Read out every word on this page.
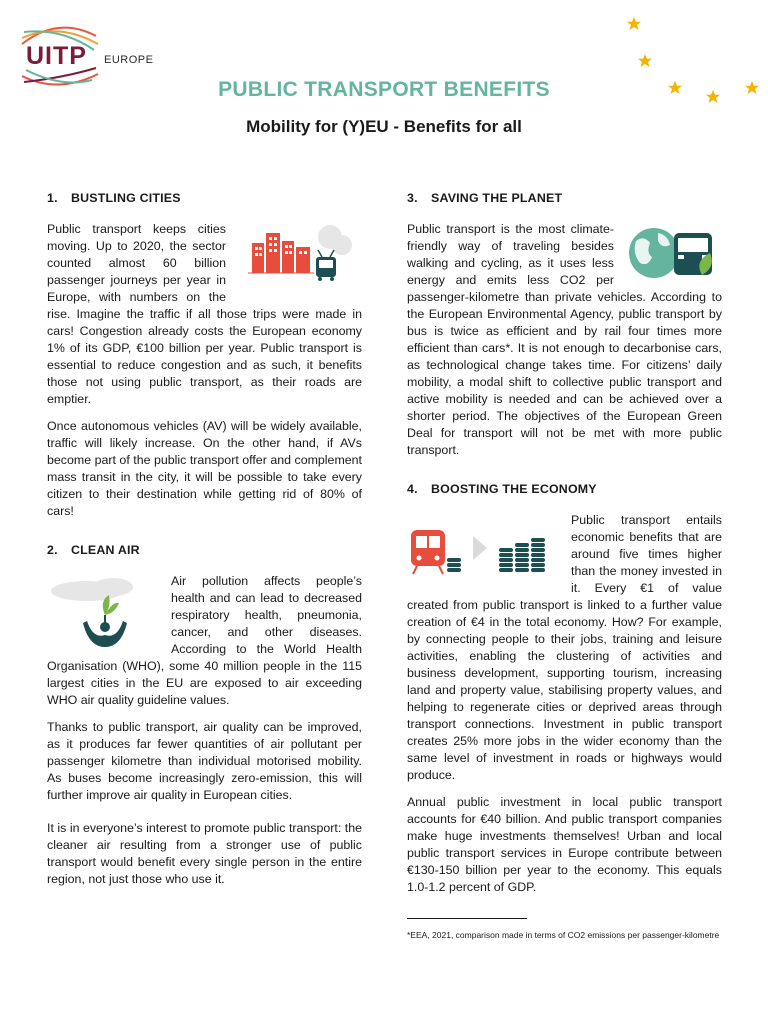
UITP EUROPE
PUBLIC TRANSPORT BENEFITS
Mobility for (Y)EU - Benefits for all
1. BUSTLING CITIES

Public transport keeps cities moving. Up to 2020, the sector counted almost 60 billion passenger journeys per year in Europe, with numbers on the rise. Imagine the traffic if all those trips were made in cars! Congestion already costs the European economy 1% of its GDP, €100 billion per year. Public transport is essential to reduce congestion and as such, it benefits those not using public transport, as their roads are emptier.

Once autonomous vehicles (AV) will be widely available, traffic will likely increase. On the other hand, if AVs become part of the public transport offer and complement mass transit in the city, it will be possible to take every citizen to their destination while getting rid of 80% of cars!

2. CLEAN AIR

Air pollution affects people’s health and can lead to decreased respiratory health, pneumonia, cancer, and other diseases. According to the World Health Organisation (WHO), some 40 million people in the 115 largest cities in the EU are exposed to air exceeding WHO air quality guideline values.

Thanks to public transport, air quality can be improved, as it produces far fewer quantities of air pollutant per passenger kilometre than individual motorised mobility. As buses become increasingly zero-emission, this will further improve air quality in European cities.

It is in everyone’s interest to promote public transport: the cleaner air resulting from a stronger use of public transport would benefit every single person in the entire region, not just those who use it.

3. SAVING THE PLANET

Public transport is the most climate-friendly way of traveling besides walking and cycling, as it uses less energy and emits less CO2 per passenger-kilometre than private vehicles. According to the European Environmental Agency, public transport by bus is twice as efficient and by rail four times more efficient than cars*. It is not enough to decarbonise cars, as technological change takes time. For citizens’ daily mobility, a modal shift to collective public transport and active mobility is needed and can be achieved over a shorter period. The objectives of the European Green Deal for transport will not be met with more public transport.

4. BOOSTING THE ECONOMY

Public transport entails economic benefits that are around five times higher than the money invested in it. Every €1 of value created from public transport is linked to a further value creation of €4 in the total economy. How? For example, by connecting people to their jobs, training and leisure activities, enabling the clustering of activities and business development, supporting tourism, increasing land and property value, stabilising property values, and helping to regenerate cities or deprived areas through transport connections. Investment in public transport creates 25% more jobs in the wider economy than the same level of investment in roads or highways would produce.

Annual public investment in local public transport accounts for €40 billion. And public transport companies make huge investments themselves! Urban and local public transport services in Europe contribute between €130-150 billion per year to the economy. This equals 1.0-1.2 percent of GDP.

*EEA, 2021, comparison made in terms of CO2 emissions per passenger-kilometre
